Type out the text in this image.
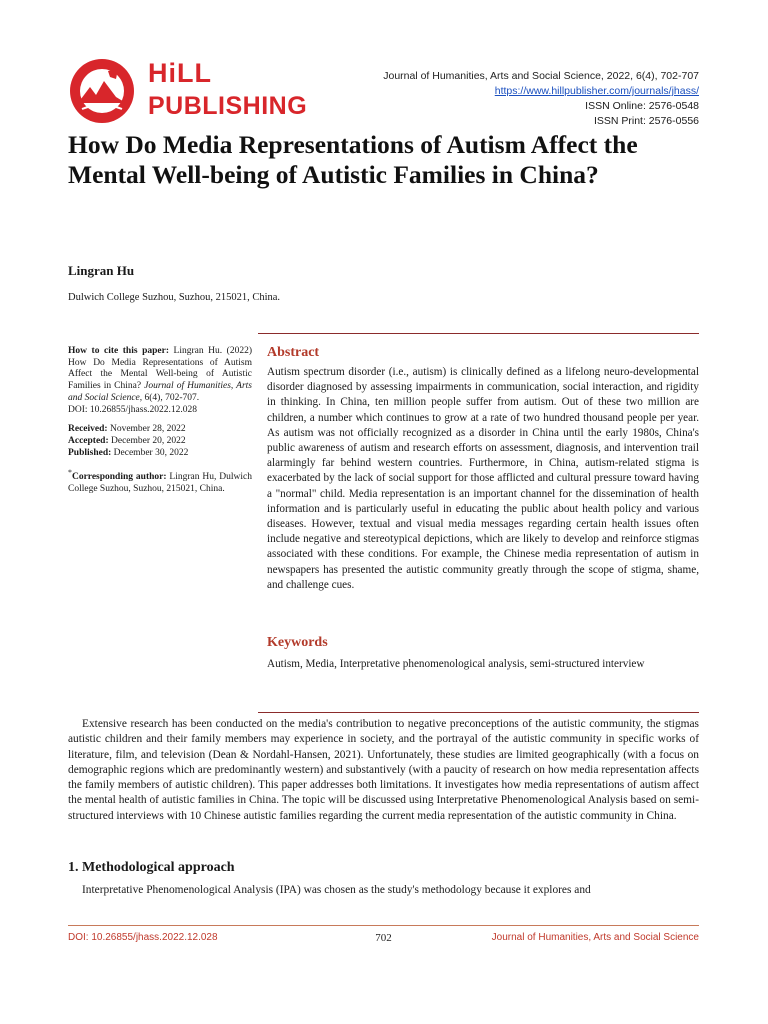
HiLL
PUBLISHING
Journal of Humanities, Arts and Social Science, 2022, 6(4), 702-707
https://www.hillpublisher.com/journals/jhass/
ISSN Online: 2576-0548
ISSN Print: 2576-0556
How Do Media Representations of Autism Affect the Mental Well-being of Autistic Families in China?
Lingran Hu
Dulwich College Suzhou, Suzhou, 215021, China.

How to cite this paper: Lingran Hu. (2022) How Do Media Representations of Autism Affect the Mental Well-being of Autistic Families in China? Journal of Humanities, Arts and Social Science, 6(4), 702-707.
DOI: 10.26855/jhass.2022.12.028

Received: November 28, 2022
Accepted: December 20, 2022
Published: December 30, 2022

*Corresponding author: Lingran Hu, Dulwich College Suzhou, Suzhou, 215021, China.

Abstract
Autism spectrum disorder (i.e., autism) is clinically defined as a lifelong neuro-developmental disorder diagnosed by assessing impairments in communication, social interaction, and rigidity in thinking. In China, ten million people suffer from autism. Out of these two million are children, a number which continues to grow at a rate of two hundred thousand people per year. As autism was not officially recognized as a disorder in China until the early 1980s, China's public awareness of autism and research efforts on assessment, diagnosis, and intervention trail alarmingly far behind western countries. Furthermore, in China, autism-related stigma is exacerbated by the lack of social support for those afflicted and cultural pressure toward having a "normal" child. Media representation is an important channel for the dissemination of health information and is particularly useful in educating the public about health policy and various diseases. However, textual and visual media messages regarding certain health issues often include negative and stereotypical depictions, which are likely to develop and reinforce stigmas associated with these conditions. For example, the Chinese media representation of autism in newspapers has presented the autistic community greatly through the scope of stigma, shame, and challenge cues.
Keywords
Autism, Media, Interpretative phenomenological analysis, semi-structured interview

Extensive research has been conducted on the media's contribution to negative preconceptions of the autistic community, the stigmas autistic children and their family members may experience in society, and the portrayal of the autistic community in specific works of literature, film, and television (Dean & Nordahl-Hansen, 2021). Unfortunately, these studies are limited geographically (with a focus on demographic regions which are predominantly western) and substantively (with a paucity of research on how media representation affects the family members of autistic children). This paper addresses both limitations. It investigates how media representations of autism affect the mental health of autistic families in China. The topic will be discussed using Interpretative Phenomenological Analysis based on semi-structured interviews with 10 Chinese autistic families regarding the current media representation of the autistic community in China.

1. Methodological approach

Interpretative Phenomenological Analysis (IPA) was chosen as the study's methodology because it explores and

DOI: 10.26855/jhass.2022.12.028	702	Journal of Humanities, Arts and Social Science
